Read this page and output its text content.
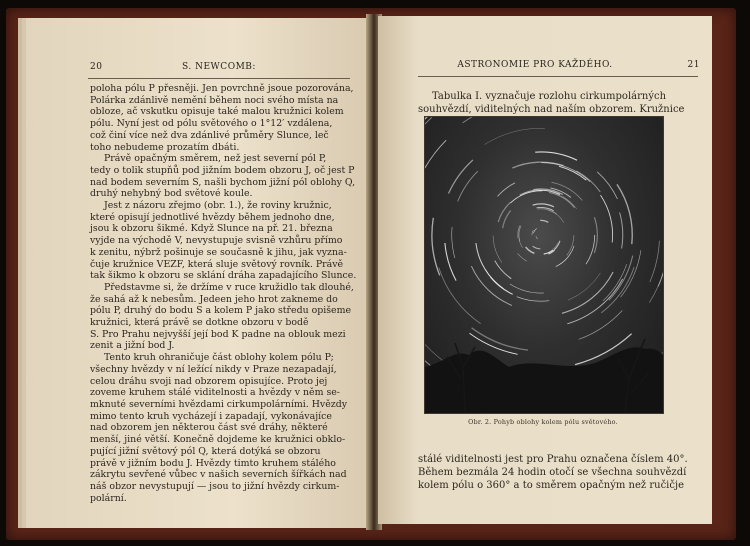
20	S. NEWCOMB:
poloha pólu P přesněji. Jen povrchně jsoue pozorována,
Polárka zdánlivě nemění během noci svého místa na
obloze, ač vskutku opisuje také malou kružnici kolem
pólu. Nyní jest od pólu světového o 1°12′ vzdálena,
což činí více než dva zdánlivé průměry Slunce, leč
toho nebudeme prozatím dbáti.
Právě opačným směrem, než jest severní pól P,
tedy o tolik stupňů pod jižním bodem obzoru J, oč jest P
nad bodem severním S, našli bychom jižní pól oblohy Q,
druhý nehybný bod světové koule.
Jest z názoru zřejmo (obr. 1.), že roviny kružnic,
které opisují jednotlivé hvězdy během jednoho dne,
jsou k obzoru šikmé. Když Slunce na př. 21. března
vyjde na východě V, nevystupuje svisně vzhůru přímo
k zenitu, nýbrž pošinuje se současně k jihu, jak vyzna-
čuje kružnice VEZF, která sluje světový rovník. Právě
tak šikmo k obzoru se sklání dráha zapadajícího Slunce.
Představme si, že držíme v ruce kružidlo tak dlouhé,
že sahá až k nebesům. Jedeen jeho hrot zakneme do
pólu P, druhý do bodu S a kolem P jako středu opišeme
kružnici, která právě se dotkne obzoru v bodě
S. Pro Prahu nejvyšší její bod K padne na oblouk mezi
zenit a jižní bod J.
Tento kruh ohraničuje část oblohy kolem pólu P;
všechny hvězdy v ní ležící nikdy v Praze nezapadají,
celou dráhu svoji nad obzorem opisujíce. Proto jej
zoveme kruhem stálé viditelnosti a hvězdy v něm se-
mknuté severními hvězdami cirkumpolárními. Hvězdy
mimo tento kruh vycházejí i zapadají, vykonávajíce
nad obzorem jen některou část své dráhy, některé
menší, jiné větší. Konečně dojdeme ke kružnici obklo-
pující jižní světový pól Q, která dotýká se obzoru
právě v jižním bodu J. Hvězdy timto kruhem stálého
zákrytu sevřené vůbec v našich severních šířkách nad
náš obzor nevystupují — jsou to jižní hvězdy cirkum-
polární.
ASTRONOMIE PRO KAŽDÉHO.	21
Tabulka I. vyznačuje rozlohu cirkumpolárných
souhvězdí, viditelných nad naším obzorem. Kružnice
Obr. 2. Pohyb oblohy kolem pólu světového.
stálé viditelnosti jest pro Prahu označena číslem 40°.
Během bezmála 24 hodin otočí se všechna souhvězdí
kolem pólu o 360° a to směrem opačným než ručičje
